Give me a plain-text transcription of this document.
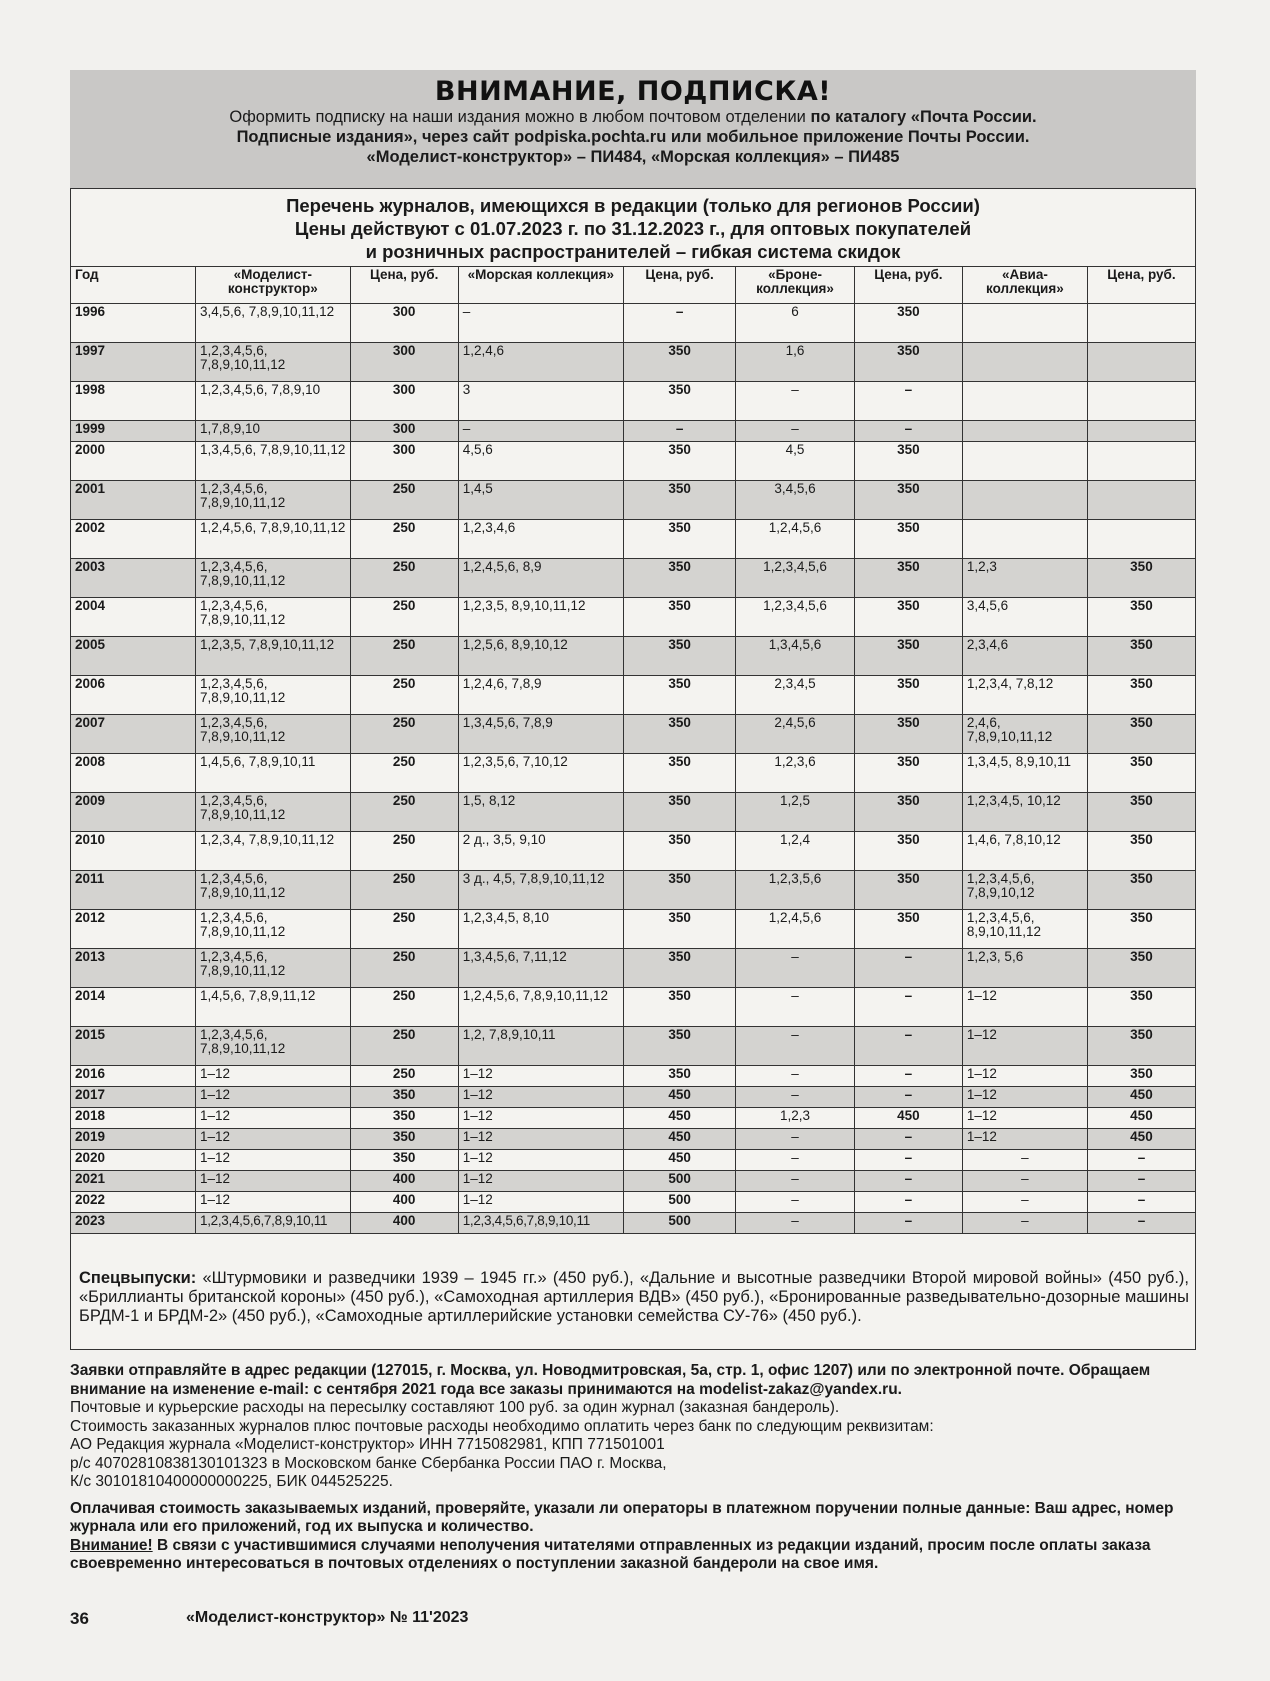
ВНИМАНИЕ, ПОДПИСКА!
Оформить подписку на наши издания можно в любом почтовом отделении по каталогу «Почта России.
Подписные издания», через сайт podpiska.pochta.ru или мобильное приложение Почты России.
«Моделист-конструктор» – ПИ484, «Морская коллекция» – ПИ485
Перечень журналов, имеющихся в редакции (только для регионов России)
Цены действуют с 01.07.2023 г. по 31.12.2023 г., для оптовых покупателей
и розничных распространителей – гибкая система скидок
Год	«Моделист-конструктор»	Цена, руб.	«Морская коллекция»	Цена, руб.	«Броне-коллекция»	Цена, руб.	«Авиа-коллекция»	Цена, руб.
1996	3,4,5,6, 7,8,9,10,11,12	300	–	–	6	350		
1997	1,2,3,4,5,6, 7,8,9,10,11,12	300	1,2,4,6	350	1,6	350		
1998	1,2,3,4,5,6, 7,8,9,10	300	3	350	–	–		
1999	1,7,8,9,10	300	–	–	–	–		
2000	1,3,4,5,6, 7,8,9,10,11,12	300	4,5,6	350	4,5	350		
2001	1,2,3,4,5,6, 7,8,9,10,11,12	250	1,4,5	350	3,4,5,6	350		
2002	1,2,4,5,6, 7,8,9,10,11,12	250	1,2,3,4,6	350	1,2,4,5,6	350		
2003	1,2,3,4,5,6, 7,8,9,10,11,12	250	1,2,4,5,6, 8,9	350	1,2,3,4,5,6	350	1,2,3	350
2004	1,2,3,4,5,6, 7,8,9,10,11,12	250	1,2,3,5, 8,9,10,11,12	350	1,2,3,4,5,6	350	3,4,5,6	350
2005	1,2,3,5, 7,8,9,10,11,12	250	1,2,5,6, 8,9,10,12	350	1,3,4,5,6	350	2,3,4,6	350
2006	1,2,3,4,5,6, 7,8,9,10,11,12	250	1,2,4,6, 7,8,9	350	2,3,4,5	350	1,2,3,4, 7,8,12	350
2007	1,2,3,4,5,6, 7,8,9,10,11,12	250	1,3,4,5,6, 7,8,9	350	2,4,5,6	350	2,4,6, 7,8,9,10,11,12	350
2008	1,4,5,6, 7,8,9,10,11	250	1,2,3,5,6, 7,10,12	350	1,2,3,6	350	1,3,4,5, 8,9,10,11	350
2009	1,2,3,4,5,6, 7,8,9,10,11,12	250	1,5, 8,12	350	1,2,5	350	1,2,3,4,5, 10,12	350
2010	1,2,3,4, 7,8,9,10,11,12	250	2 д., 3,5, 9,10	350	1,2,4	350	1,4,6, 7,8,10,12	350
2011	1,2,3,4,5,6, 7,8,9,10,11,12	250	3 д., 4,5, 7,8,9,10,11,12	350	1,2,3,5,6	350	1,2,3,4,5,6, 7,8,9,10,12	350
2012	1,2,3,4,5,6, 7,8,9,10,11,12	250	1,2,3,4,5, 8,10	350	1,2,4,5,6	350	1,2,3,4,5,6, 8,9,10,11,12	350
2013	1,2,3,4,5,6, 7,8,9,10,11,12	250	1,3,4,5,6, 7,11,12	350	–	–	1,2,3, 5,6	350
2014	1,4,5,6, 7,8,9,11,12	250	1,2,4,5,6, 7,8,9,10,11,12	350	–	–	1–12	350
2015	1,2,3,4,5,6, 7,8,9,10,11,12	250	1,2, 7,8,9,10,11	350	–	–	1–12	350
2016	1–12	250	1–12	350	–	–	1–12	350
2017	1–12	350	1–12	450	–	–	1–12	450
2018	1–12	350	1–12	450	1,2,3	450	1–12	450
2019	1–12	350	1–12	450	–	–	1–12	450
2020	1–12	350	1–12	450	–	–	–	–
2021	1–12	400	1–12	500	–	–	–	–
2022	1–12	400	1–12	500	–	–	–	–
2023	1,2,3,4,5,6,7,8,9,10,11	400	1,2,3,4,5,6,7,8,9,10,11	500	–	–	–	–
Спецвыпуски: «Штурмовики и разведчики 1939 – 1945 гг.» (450 руб.), «Дальние и высотные разведчики Второй мировой войны» (450 руб.), «Бриллианты британской короны» (450 руб.), «Самоходная артиллерия ВДВ» (450 руб.), «Бронированные разведывательно-дозорные машины БРДМ-1 и БРДМ-2» (450 руб.), «Самоходные артиллерийские установки семейства СУ-76» (450 руб.).

Заявки отправляйте в адрес редакции (127015, г. Москва, ул. Новодмитровская, 5а, стр. 1, офис 1207) или по электронной почте. Обращаем внимание на изменение e-mail: с сентября 2021 года все заказы принимаются на modelist-zakaz@yandex.ru.

Почтовые и курьерские расходы на пересылку составляют 100 руб. за один журнал (заказная бандероль).

Стоимость заказанных журналов плюс почтовые расходы необходимо оплатить через банк по следующим реквизитам:

АО Редакция журнала «Моделист-конструктор» ИНН 7715082981, КПП 771501001

р/с 40702810838130101323 в Московском банке Сбербанка России ПАО г. Москва,

К/с 30101810400000000225, БИК 044525225.

Оплачивая стоимость заказываемых изданий, проверяйте, указали ли операторы в платежном поручении полные данные: Ваш адрес, номер журнала или его приложений, год их выпуска и количество.

Внимание! В связи с участившимися случаями неполучения читателями отправленных из редакции изданий, просим после оплаты заказа своевременно интересоваться в почтовых отделениях о поступлении заказной бандероли на свое имя.

36	«Моделист-конструктор» № 11'2023
